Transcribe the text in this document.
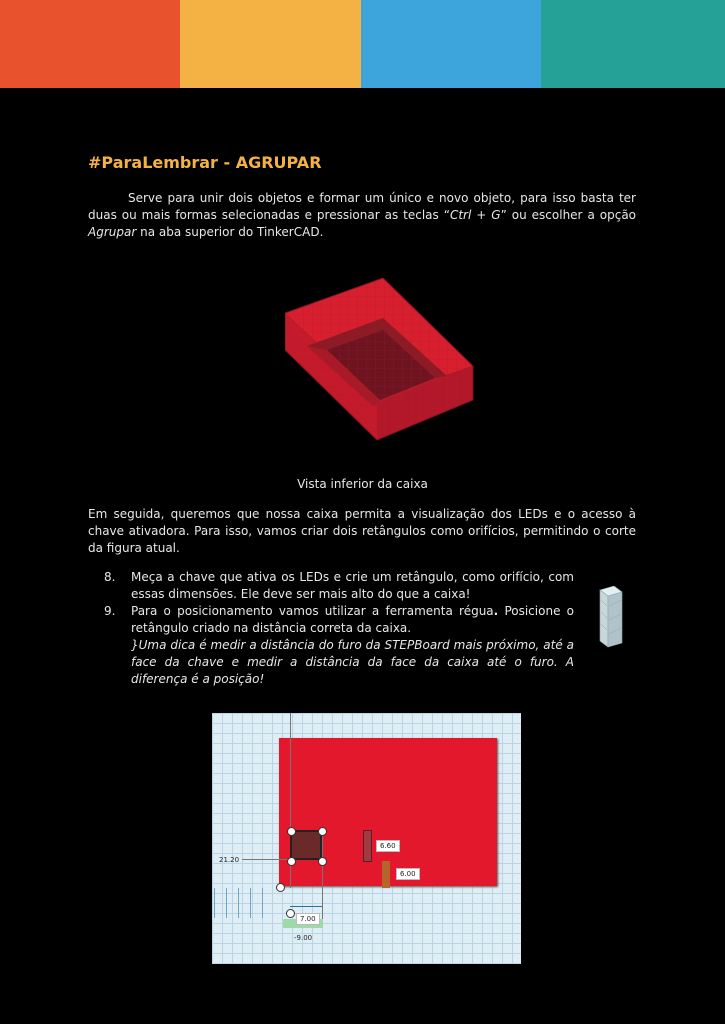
#ParaLembrar - AGRUPAR

Serve para unir dois objetos e formar um único e novo objeto, para isso basta ter duas ou mais formas selecionadas e pressionar as teclas “Ctrl + G” ou escolher a opção Agrupar na aba superior do TinkerCAD.

Vista inferior da caixa

Em seguida, queremos que nossa caixa permita a visualização dos LEDs e o acesso à chave ativadora. Para isso, vamos criar dois retângulos como orifícios, permitindo o corte da figura atual.

8.	Meça a chave que ativa os LEDs e crie um retângulo, como orifício, com essas dimensões. Ele deve ser mais alto do que a caixa!
9.	Para o posicionamento vamos utilizar a ferramenta régua. Posicione o retângulo criado na distância correta da caixa.
}Uma dica é medir a distância do furo da STEPBoard mais próximo, até a face da chave e medir a distância da face da caixa até o furo. A diferença é a posição!
21.20
6.60
6.00
7.00
-9.00
